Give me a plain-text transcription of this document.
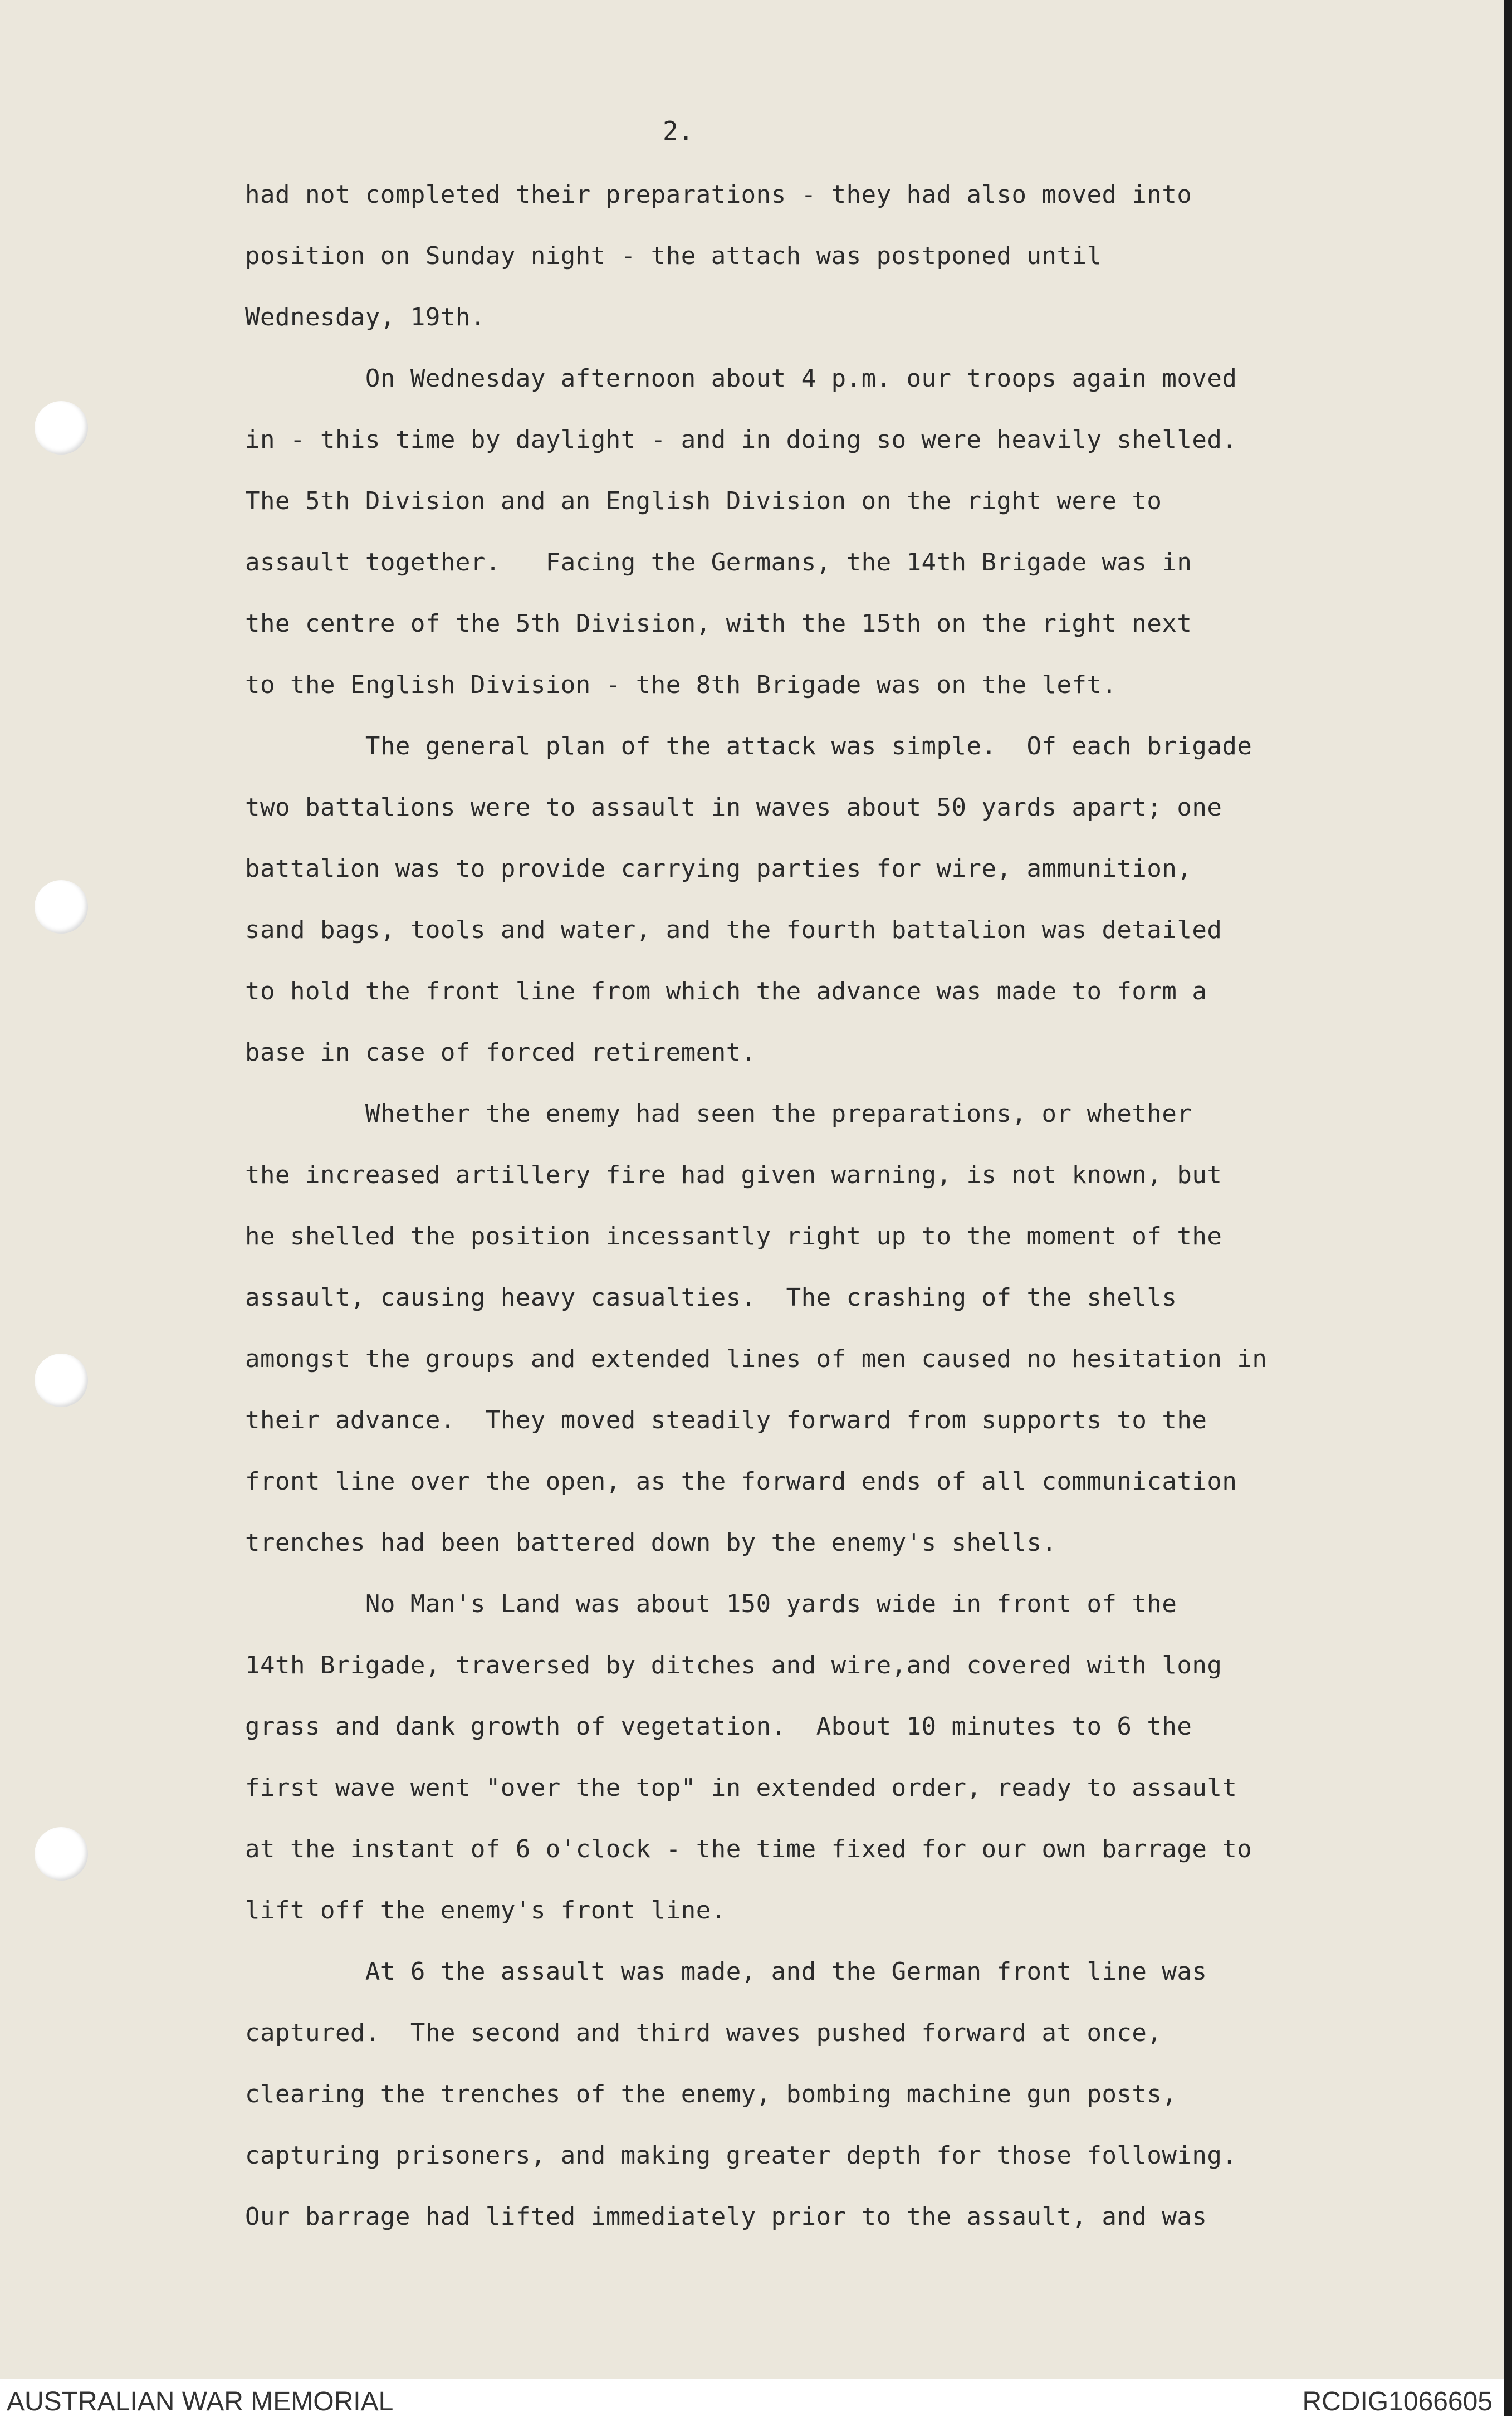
2.
had not completed their preparations - they had also moved into
position on Sunday night - the attach was postponed until
Wednesday, 19th.
On Wednesday afternoon about 4 p.m. our troops again moved
in - this time by daylight - and in doing so were heavily shelled.
The 5th Division and an English Division on the right were to
assault together.   Facing the Germans, the 14th Brigade was in
the centre of the 5th Division, with the 15th on the right next
to the English Division - the 8th Brigade was on the left.
The general plan of the attack was simple.  Of each brigade
two battalions were to assault in waves about 50 yards apart; one
battalion was to provide carrying parties for wire, ammunition,
sand bags, tools and water, and the fourth battalion was detailed
to hold the front line from which the advance was made to form a
base in case of forced retirement.
Whether the enemy had seen the preparations, or whether
the increased artillery fire had given warning, is not known, but
he shelled the position incessantly right up to the moment of the
assault, causing heavy casualties.  The crashing of the shells
amongst the groups and extended lines of men caused no hesitation in
their advance.  They moved steadily forward from supports to the
front line over the open, as the forward ends of all communication
trenches had been battered down by the enemy's shells.
No Man's Land was about 150 yards wide in front of the
14th Brigade, traversed by ditches and wire,and covered with long
grass and dank growth of vegetation.  About 10 minutes to 6 the
first wave went "over the top" in extended order, ready to assault
at the instant of 6 o'clock - the time fixed for our own barrage to
lift off the enemy's front line.
At 6 the assault was made, and the German front line was
captured.  The second and third waves pushed forward at once,
clearing the trenches of the enemy, bombing machine gun posts,
capturing prisoners, and making greater depth for those following.
Our barrage had lifted immediately prior to the assault, and was
AUSTRALIAN WAR MEMORIAL	RCDIG1066605
